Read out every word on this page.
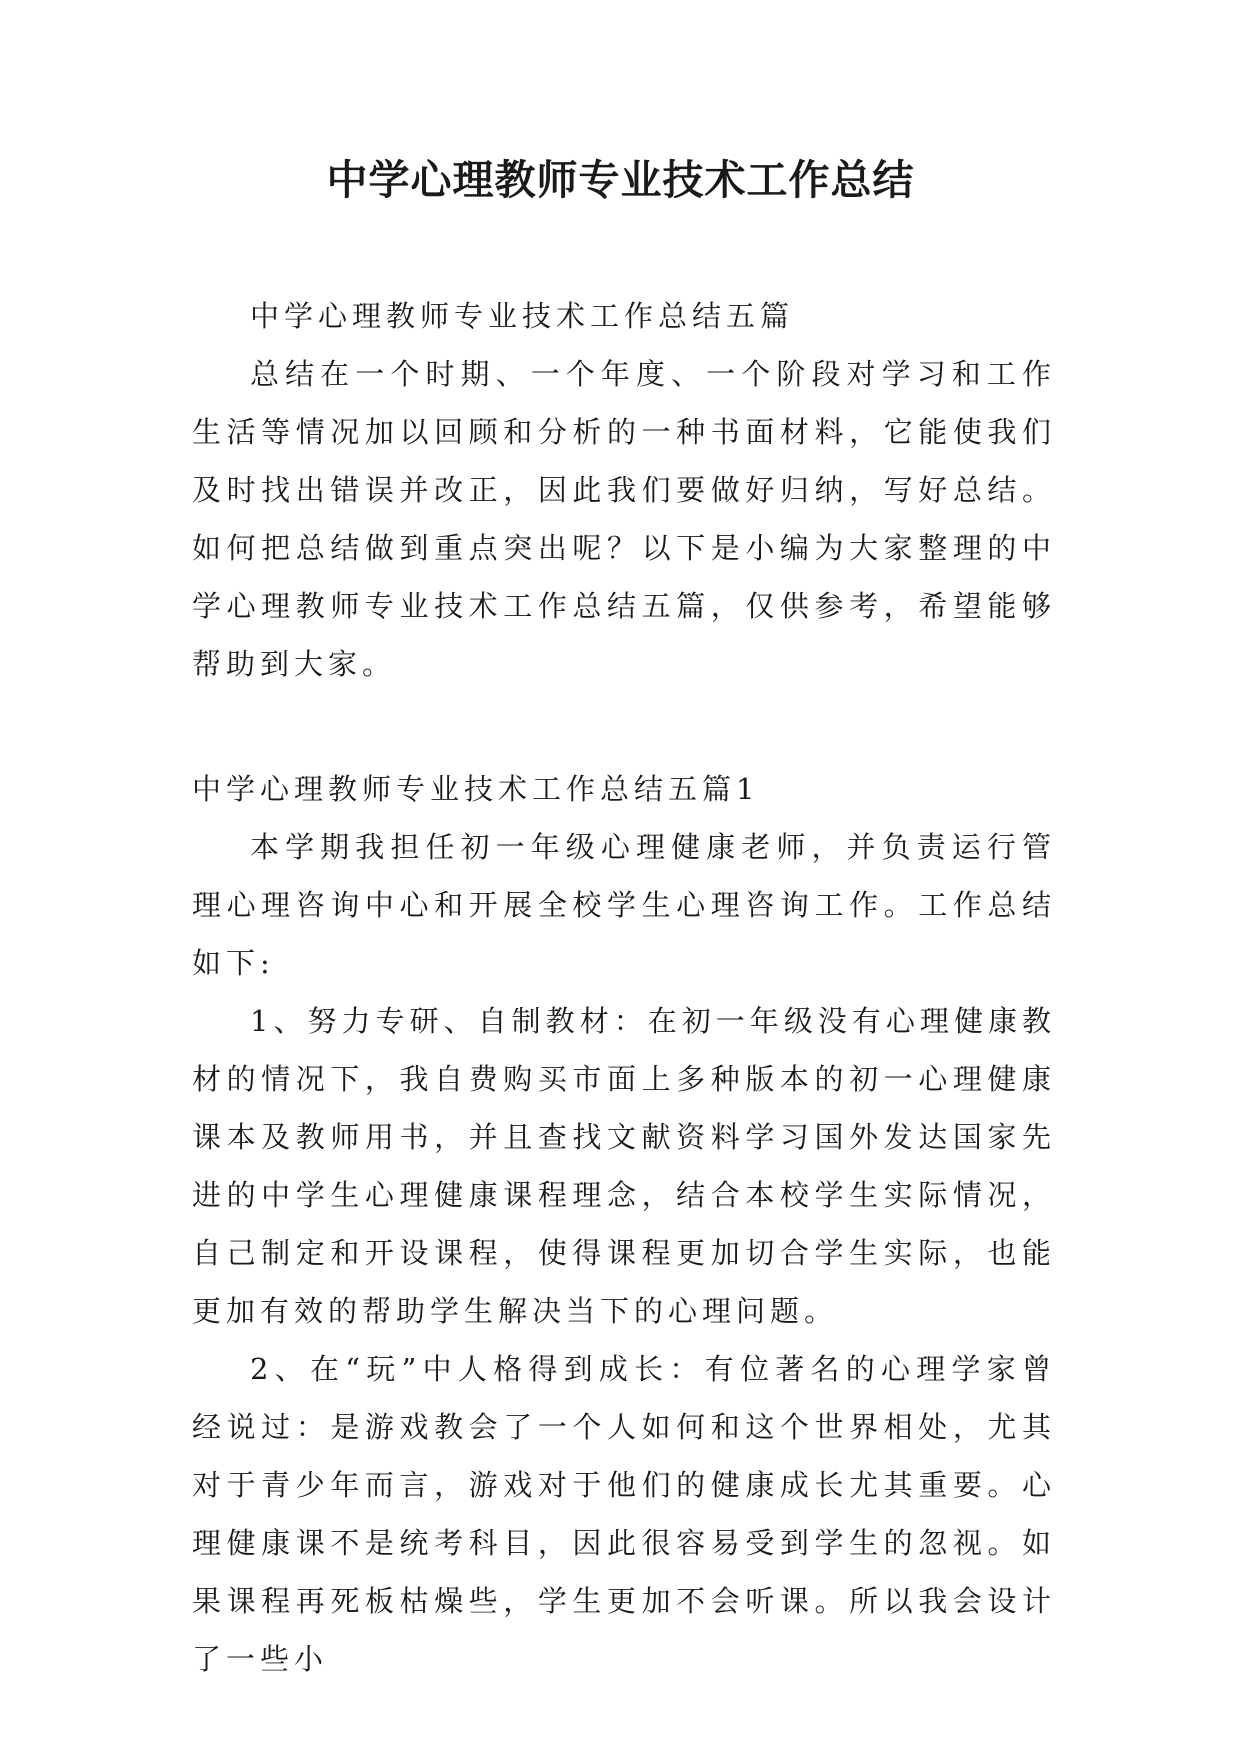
中学心理教师专业技术工作总结

中学心理教师专业技术工作总结五篇

总结在一个时期、一个年度、一个阶段对学习和工作生活等情况加以回顾和分析的一种书面材料，它能使我们及时找出错误并改正，因此我们要做好归纳，写好总结。如何把总结做到重点突出呢？以下是小编为大家整理的中学心理教师专业技术工作总结五篇，仅供参考，希望能够帮助到大家。

中学心理教师专业技术工作总结五篇1

本学期我担任初一年级心理健康老师，并负责运行管理心理咨询中心和开展全校学生心理咨询工作。工作总结如下:

1、努力专研、自制教材：在初一年级没有心理健康教材的情况下，我自费购买市面上多种版本的初一心理健康课本及教师用书，并且查找文献资料学习国外发达国家先进的中学生心理健康课程理念，结合本校学生实际情况，自己制定和开设课程，使得课程更加切合学生实际，也能更加有效的帮助学生解决当下的心理问题。

2、在“玩”中人格得到成长：有位著名的心理学家曾经说过：是游戏教会了一个人如何和这个世界相处，尤其对于青少年而言，游戏对于他们的健康成长尤其重要。心理健康课不是统考科目，因此很容易受到学生的忽视。如果课程再死板枯燥些，学生更加不会听课。所以我会设计了一些小
